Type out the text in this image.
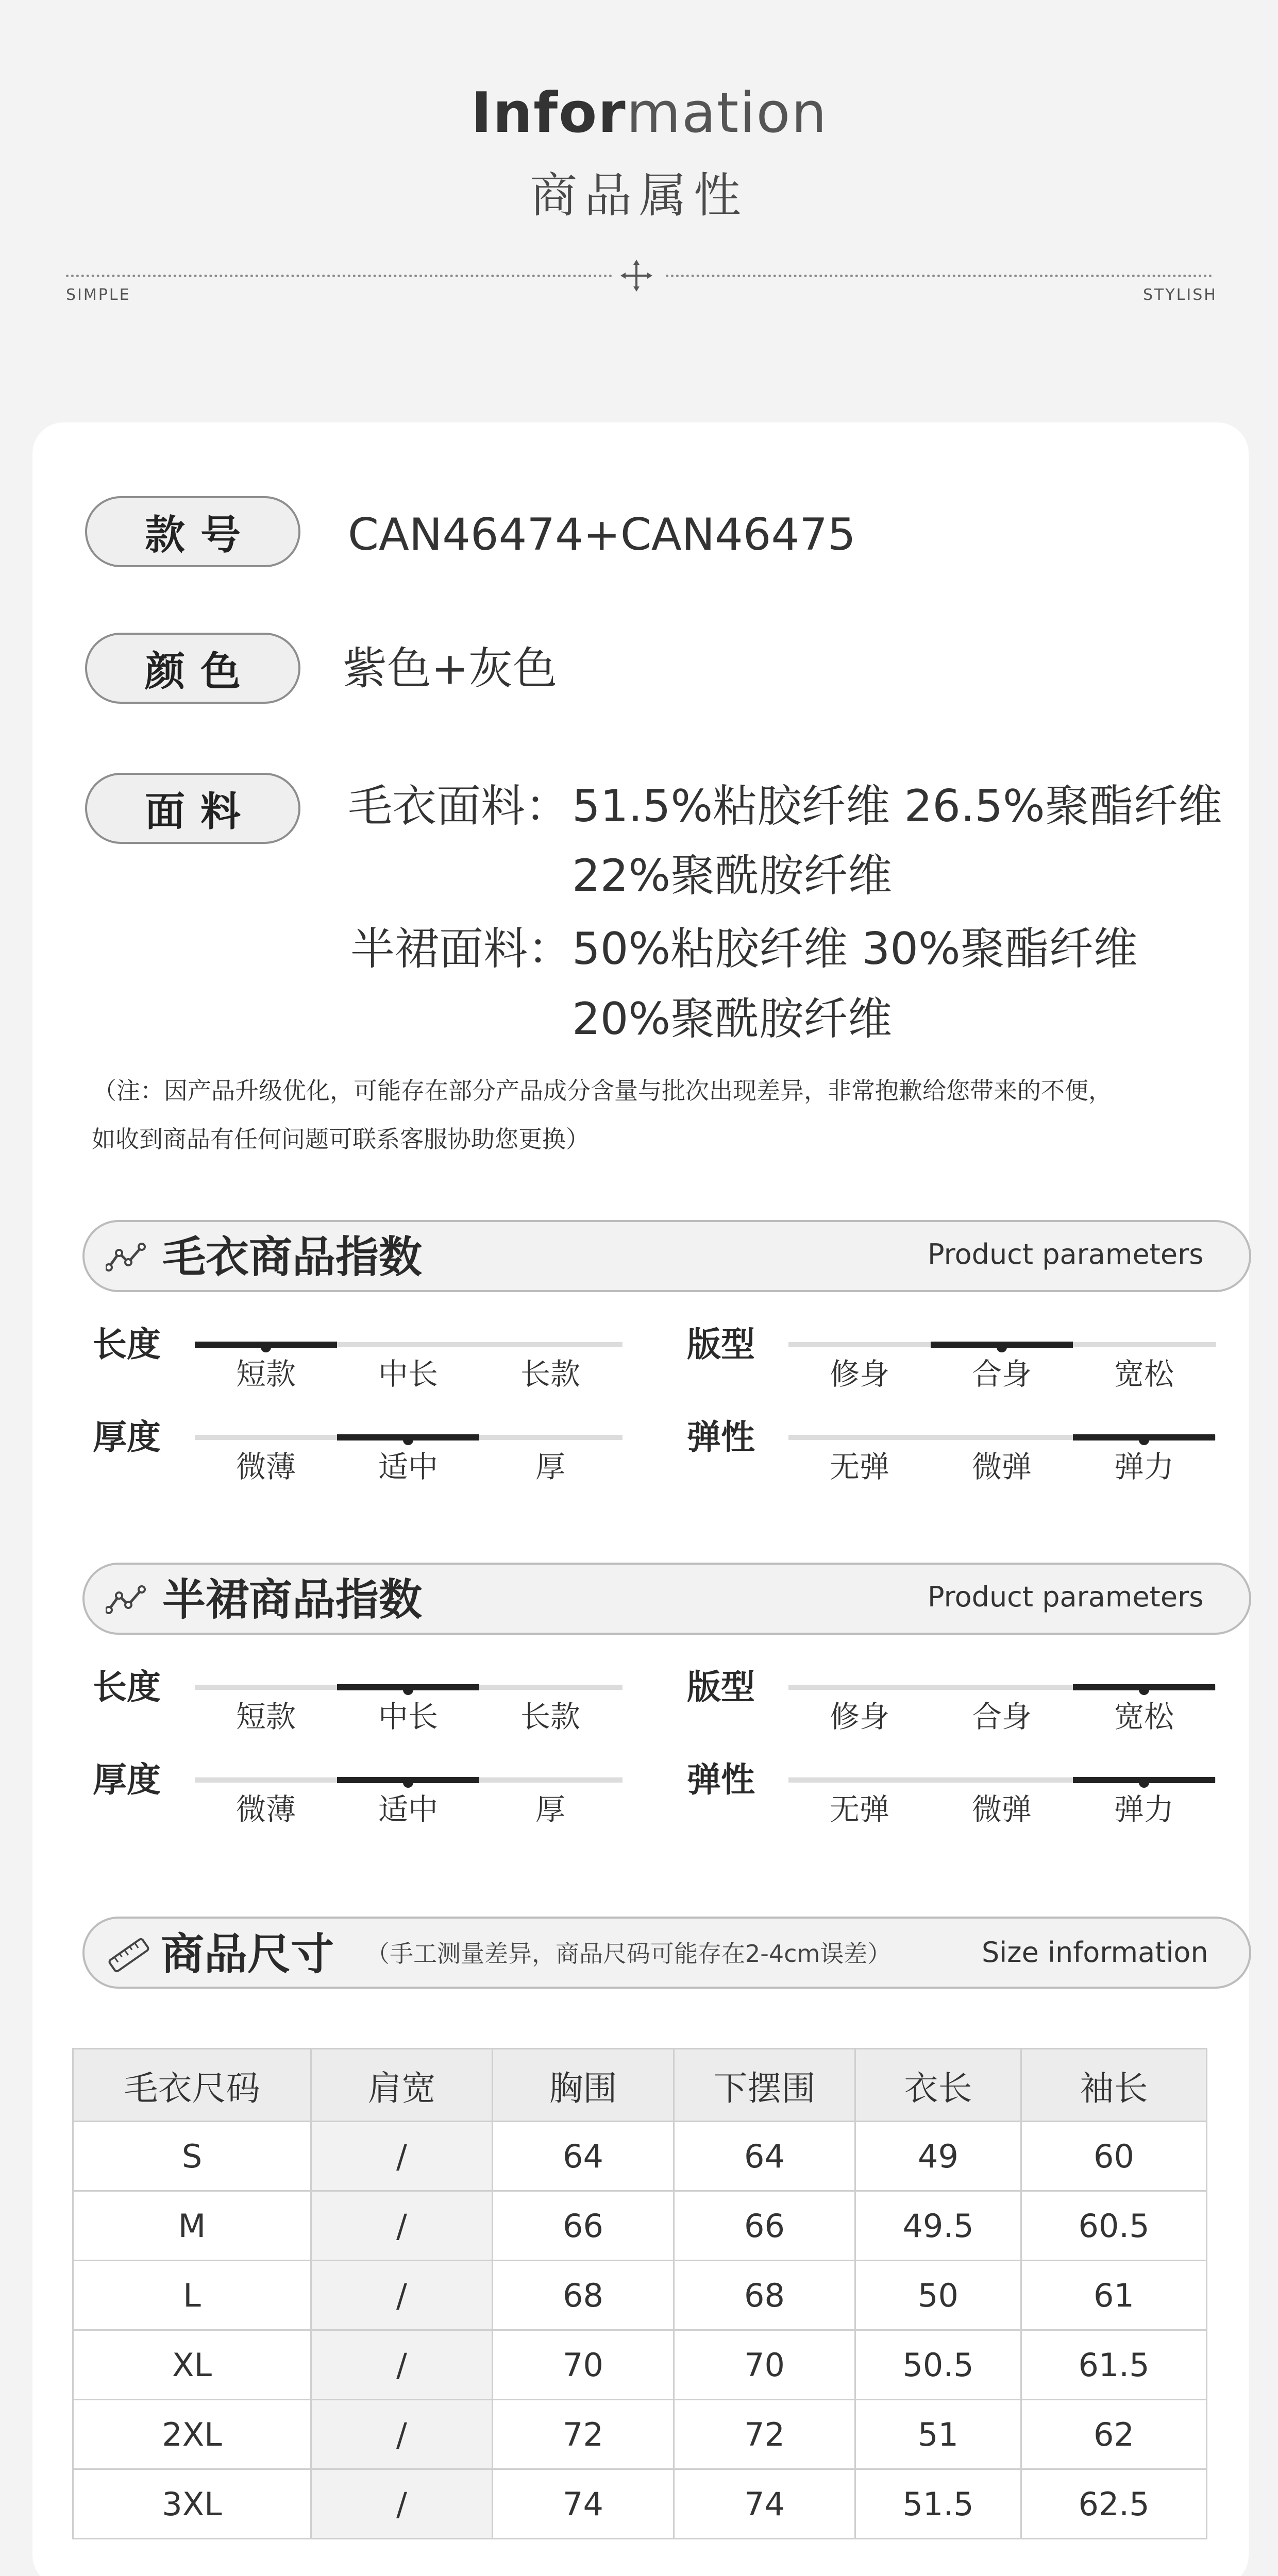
Information
商品属性
SIMPLE	STYLISH
款号	CAN46474+CAN46475
颜色	紫色+灰色
面料	毛衣面料： 51.5%粘胶纤维 26.5%聚酯纤维
22%聚酰胺纤维
半裙面料： 50%粘胶纤维 30%聚酯纤维
20%聚酰胺纤维
（注：因产品升级优化，可能存在部分产品成分含量与批次出现差异，非常抱歉给您带来的不便，
如收到商品有任何问题可联系客服协助您更换）
毛衣商品指数	Product parameters
长度
短款	中长	长款
版型
修身	合身	宽松
厚度
微薄	适中	厚
弹性
无弹	微弹	弹力
半裙商品指数	Product parameters
长度
短款	中长	长款
版型
修身	合身	宽松
厚度
微薄	适中	厚
弹性
无弹	微弹	弹力
商品尺寸 （手工测量差异，商品尺码可能存在2-4cm误差）	Size information
毛衣尺码	肩宽	胸围	下摆围	衣长	袖长
S	/	64	64	49	60
M	/	66	66	49.5	60.5
L	/	68	68	50	61
XL	/	70	70	50.5	61.5
2XL	/	72	72	51	62
3XL	/	74	74	51.5	62.5
